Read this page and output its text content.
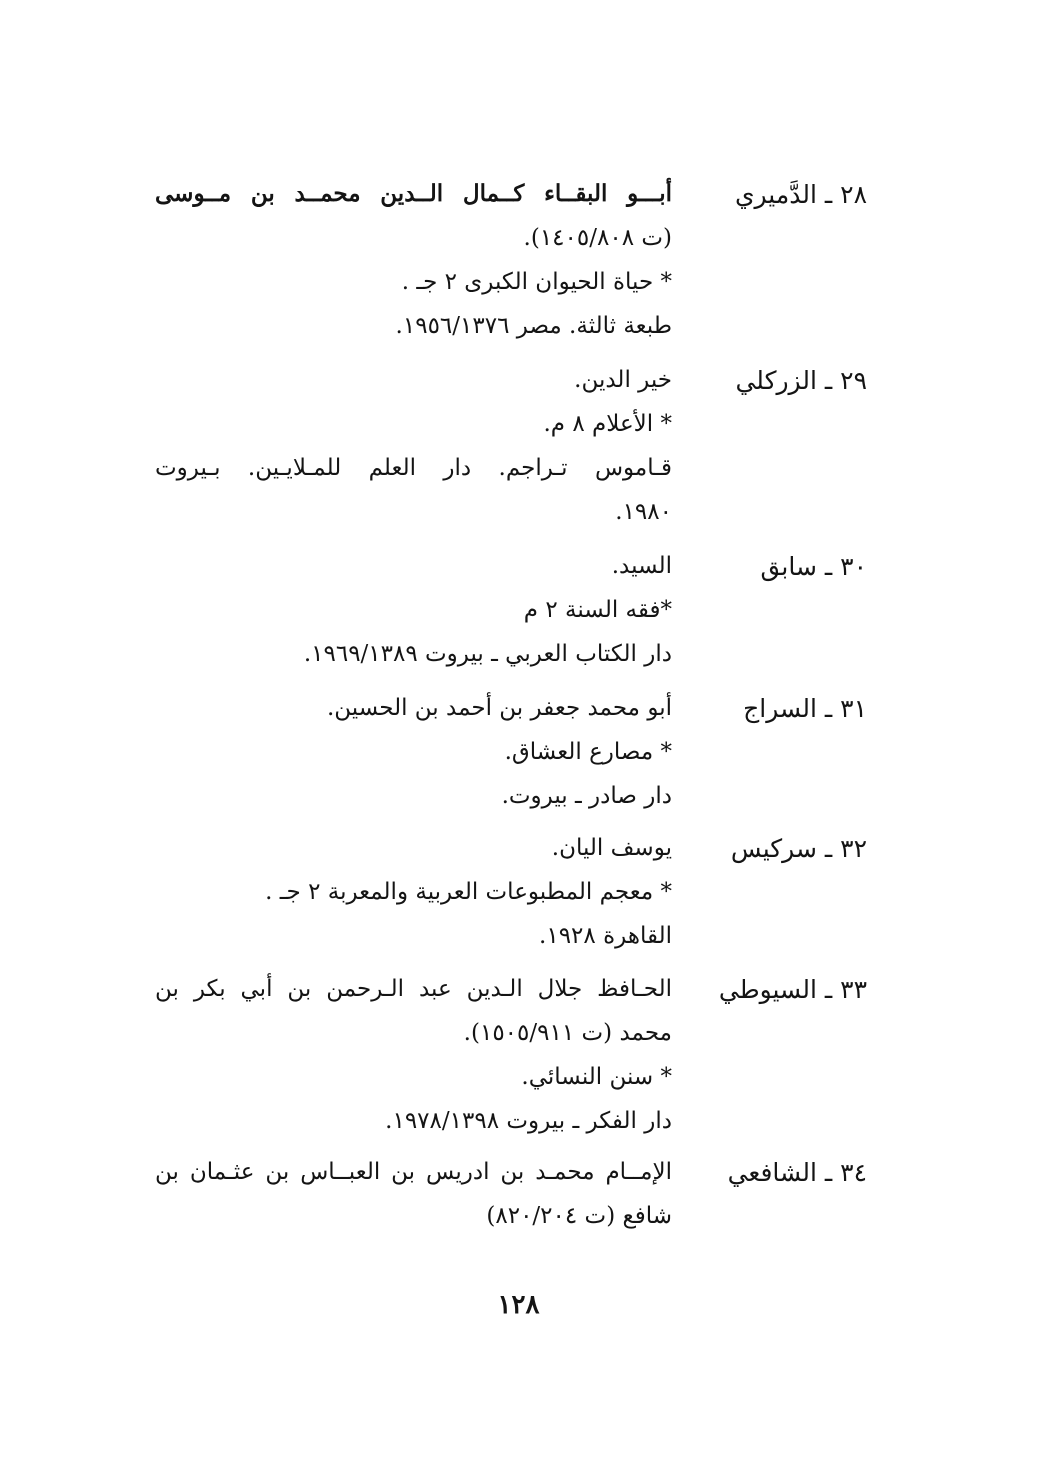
٢٨ ـ الدَّميري
أبـــو البقــاء كــمال الــدين محمــد بن مــوسى
(ت ١٤٠٥/٨٠٨).
* حياة الحيوان الكبرى ٢ جـ .
طبعة ثالثة. مصر ١٩٥٦/١٣٧٦.
٢٩ ـ الزركلي
خير الدين.
* الأعلام ٨ م.
قـاموس تـراجم. دار العلم للمـلايـين. بـيروت
١٩٨٠.
٣٠ ـ سابق
السيد.
*فقه السنة ٢ م
دار الكتاب العربي ـ بيروت ١٩٦٩/١٣٨٩.
٣١ ـ السراج
أبو محمد جعفر بن أحمد بن الحسين.
* مصارع العشاق.
دار صادر ـ بيروت.
٣٢ ـ سركيس
يوسف اليان.
* معجم المطبوعات العربية والمعربة ٢ جـ .
القاهرة ١٩٢٨.
٣٣ ـ السيوطي
الحـافظ جلال الـدين عبد الـرحمن بن أبي بكر بن
محمد (ت ١٥٠٥/٩١١).
* سنن النسائي.
دار الفكر ـ بيروت ١٩٧٨/١٣٩٨.
٣٤ ـ الشافعي
الإمــام محمـد بن ادريس بن العبــاس بن عثـمان بن
شافع (ت ٨٢٠/٢٠٤)
١٢٨
